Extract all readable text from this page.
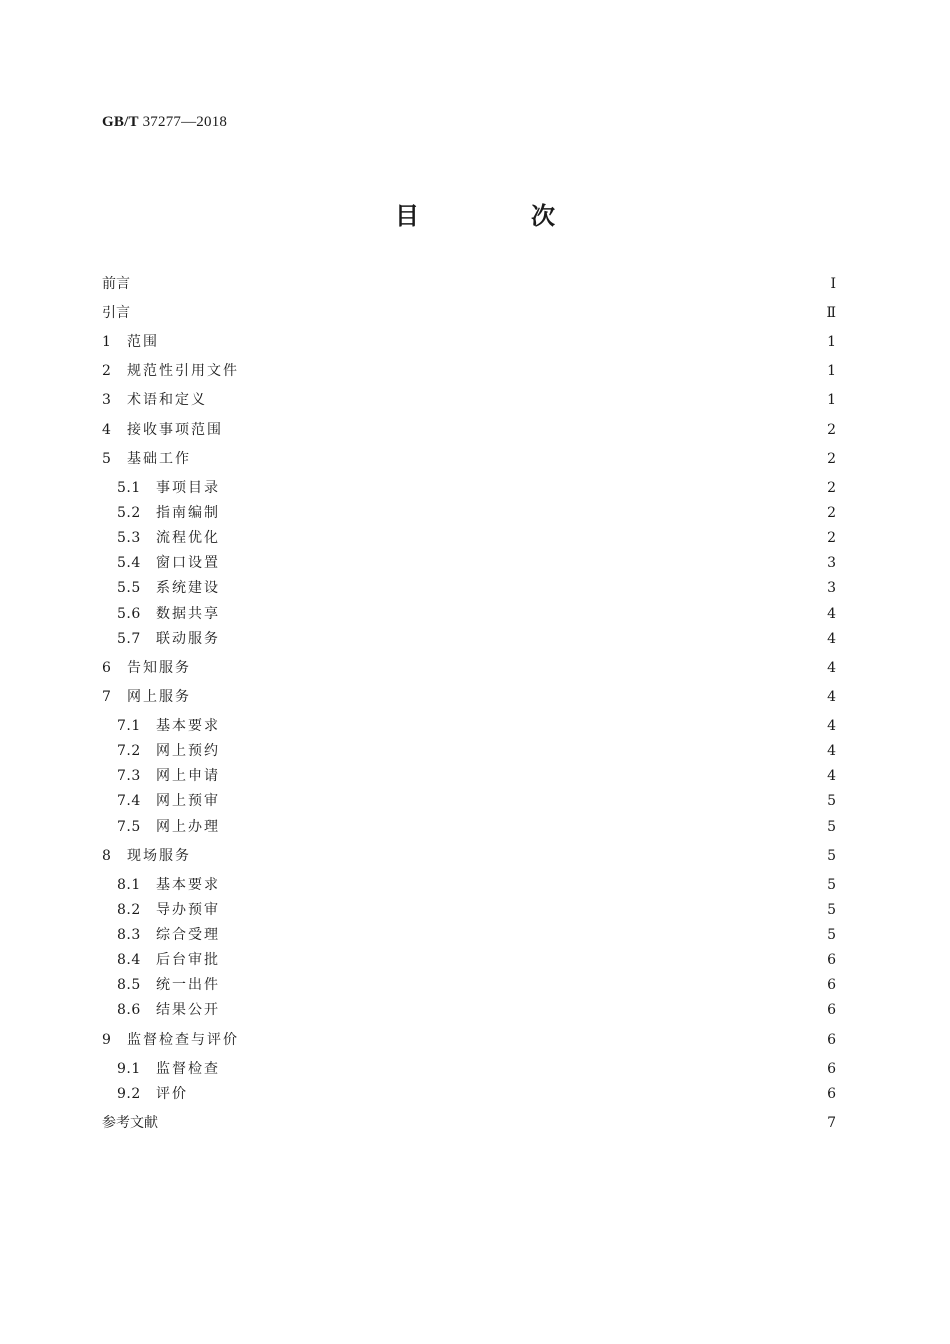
GB/T 37277—2018
目　次
前言	Ⅰ
引言	Ⅱ
1	范围	1
2	规范性引用文件	1
3	术语和定义	1
4	接收事项范围	2
5	基础工作	2
5.1	事项目录	2
5.2	指南编制	2
5.3	流程优化	2
5.4	窗口设置	3
5.5	系统建设	3
5.6	数据共享	4
5.7	联动服务	4
6	告知服务	4
7	网上服务	4
7.1	基本要求	4
7.2	网上预约	4
7.3	网上申请	4
7.4	网上预审	5
7.5	网上办理	5
8	现场服务	5
8.1	基本要求	5
8.2	导办预审	5
8.3	综合受理	5
8.4	后台审批	6
8.5	统一出件	6
8.6	结果公开	6
9	监督检查与评价	6
9.1	监督检查	6
9.2	评价	6
参考文献	7
